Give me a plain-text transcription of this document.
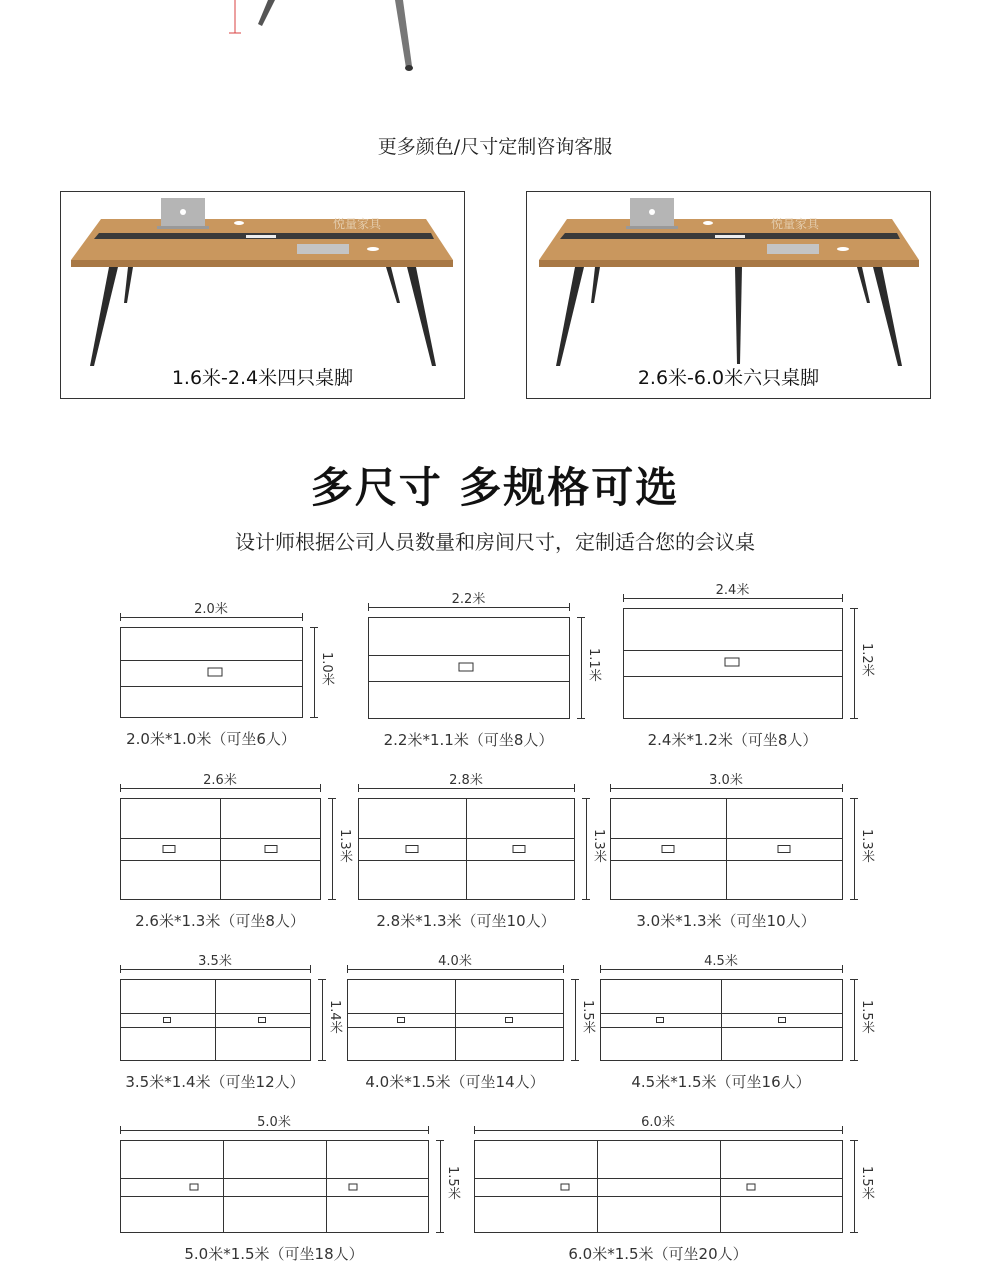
更多颜色/尺寸定制咨询客服
悦量家具
1.6米-2.4米四只桌脚
悦量家具
2.6米-6.0米六只桌脚
多尺寸 多规格可选
设计师根据公司人员数量和房间尺寸，定制适合您的会议桌
2.0米
1.0米
2.0米*1.0米（可坐6人）
2.2米
1.1米
2.2米*1.1米（可坐8人）
2.4米
1.2米
2.4米*1.2米（可坐8人）
2.6米
1.3米
2.6米*1.3米（可坐8人）
2.8米
1.3米
2.8米*1.3米（可坐10人）
3.0米
1.3米
3.0米*1.3米（可坐10人）
3.5米
1.4米
3.5米*1.4米（可坐12人）
4.0米
1.5米
4.0米*1.5米（可坐14人）
4.5米
1.5米
4.5米*1.5米（可坐16人）
5.0米
1.5米
5.0米*1.5米（可坐18人）
6.0米
1.5米
6.0米*1.5米（可坐20人）
